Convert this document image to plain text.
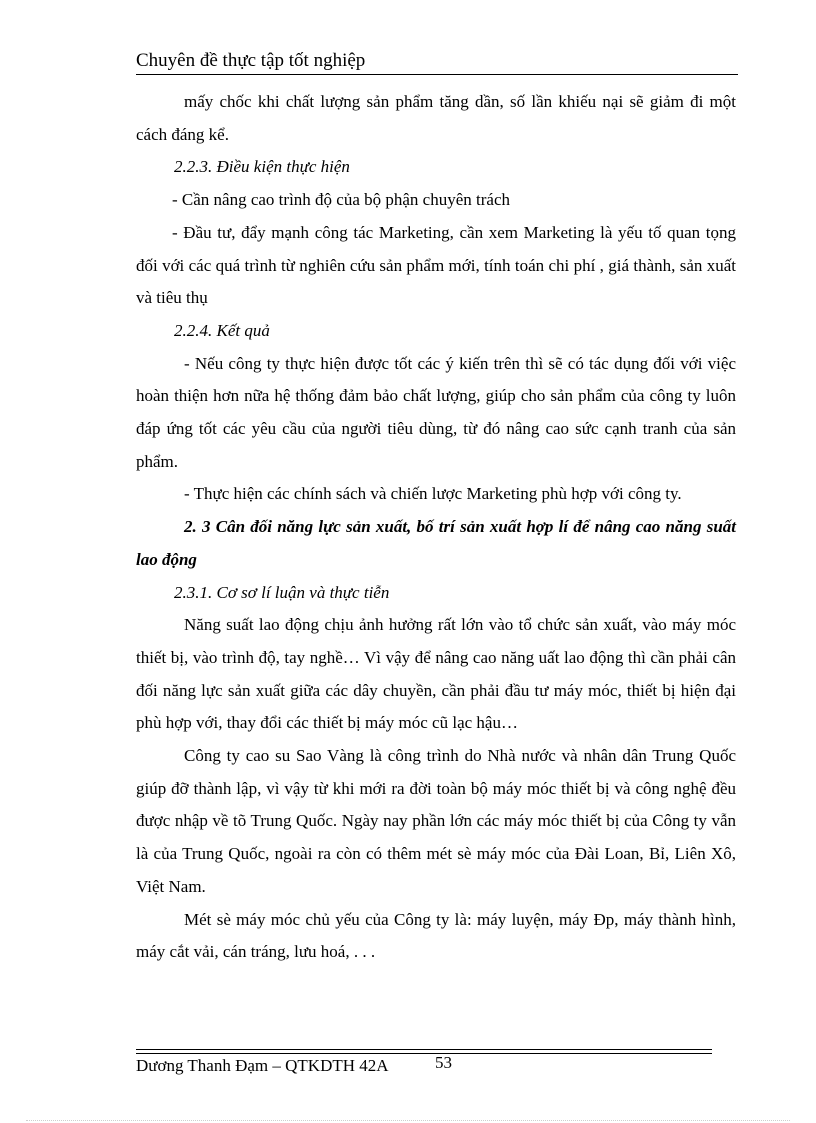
Chuyên đề thực tập tốt nghiệp

mấy chốc khi chất lượng sản phẩm tăng dần, số lần khiếu nại sẽ giảm đi một cách đáng kể.

2.2.3. Điều kiện thực hiện

- Cần nâng cao trình độ của bộ phận chuyên trách

- Đầu tư, đẩy mạnh công tác Marketing, cần xem Marketing là yếu tố quan tọng đối với các quá trình từ nghiên cứu sản phẩm mới, tính toán chi phí , giá thành, sản xuất và tiêu thụ

2.2.4. Kết quả

- Nếu công ty thực hiện được tốt các ý kiến trên thì sẽ có tác dụng đối với việc hoàn thiện hơn nữa hệ thống đảm bảo chất lượng, giúp cho sản phẩm của công ty luôn đáp ứng tốt các yêu cầu của người tiêu dùng, từ đó nâng cao sức cạnh tranh của sản phẩm.

- Thực hiện các chính sách và chiến lược Marketing phù hợp với công ty.

2. 3 Cân đối năng lực sản xuất, bố trí sản xuất hợp lí để nâng cao năng suất lao động

2.3.1. Cơ sơ lí luận và thực tiễn

Năng suất lao động chịu ảnh hưởng rất lớn vào tổ chức sản xuất, vào máy móc thiết bị, vào trình độ, tay nghề… Vì vậy để nâng cao năng uất lao động thì cần phải cân đối năng lực sản xuất giữa các dây chuyền, cần phải đầu tư máy móc, thiết bị hiện đại phù hợp với, thay đổi các thiết bị máy móc cũ lạc hậu…

Công ty cao su Sao Vàng là công trình do Nhà nước và nhân dân Trung Quốc giúp đỡ thành lập, vì vậy từ khi mới ra đời toàn bộ máy móc thiết bị và công nghệ đều được nhập về tõ Trung Quốc. Ngày nay phần lớn các máy móc thiết bị của Công ty vẫn là của Trung Quốc, ngoài ra còn có thêm mét sè máy móc của Đài Loan, Bỉ, Liên Xô, Việt Nam.

Mét sè máy móc chủ yếu của Công ty là: máy luyện, máy Đp, máy thành hình, máy cắt vải, cán tráng, lưu hoá, . . .

Dương Thanh Đạm – QTKDTH 42A	53
